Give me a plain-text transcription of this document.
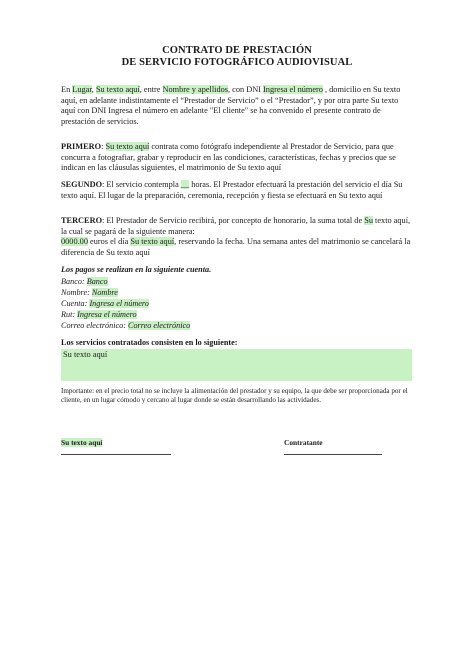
CONTRATO DE PRESTACIÓN
DE SERVICIO FOTOGRÁFICO AUDIOVISUAL
En Lugar, Su texto aquí, entre Nombre y apellidos, con DNI Ingresa el número , domicilio en Su texto aquí, en adelante indistintamente el “Prestador de Servicio” o el “Prestador”, y por otra parte Su texto aquí con DNI Ingresa el número en adelante "El cliente" se ha convenido el presente contrato de prestación de servicios.
PRIMERO: Su texto aquí contrata como fotógrafo independiente al Prestador de Servicio, para que concurra a fotografiar, grabar y reproducir en las condiciones, características, fechas y precios que se indican en las cláusulas siguientes, el matrimonio de Su texto aquí
SEGUNDO: El servicio contempla __ horas. El Prestador efectuará la prestación del servicio el día Su texto aquí. El lugar de la preparación, ceremonia, recepción y fiesta se efectuará en Su texto aquí
TERCERO: El Prestador de Servicio recibirá, por concepto de honorario, la suma total de Su texto aquí, la cual se pagará de la siguiente manera:
0000.00 euros el día Su texto aquí, reservando la fecha. Una semana antes del matrimonio se cancelará la diferencia de Su texto aquí
Los pagos se realizan en la siguiente cuenta.
Banco: Banco
Nombre: Nombre
Cuenta: Ingresa el número
Rut: Ingresa el número
Correo electrónico: Correo electrónico
Los servicios contratados consisten en lo siguiente:
Su texto aquí
Importante: en el precio total no se incluye la alimentación del prestador y su equipo, la que debe ser proporcionada por el cliente, en un lugar cómodo y cercano al lugar donde se están desarrollando las actividades.
Su texto aquí	Contratante
